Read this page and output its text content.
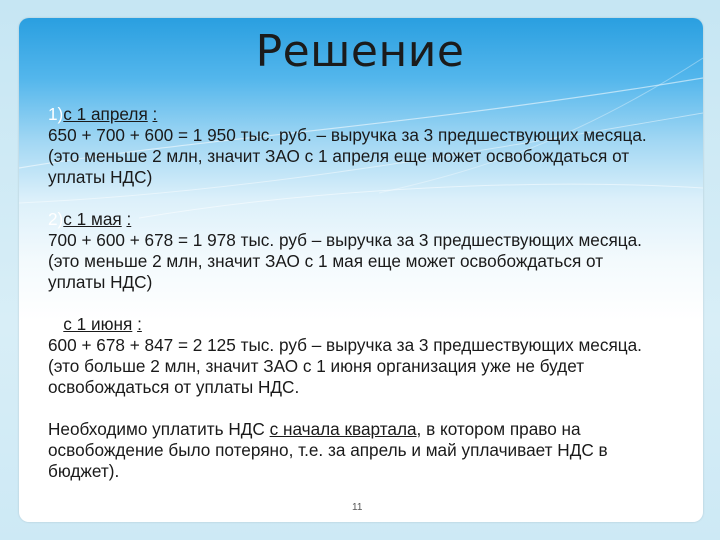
Решение
1)с 1 апреля :
650 + 700 + 600 = 1 950 тыс. руб. – выручка за 3 предшествующих месяца.
(это меньше 2 млн, значит ЗАО с 1 апреля еще может освобождаться от
уплаты НДС)
2)с 1 мая :
700 + 600 + 678 = 1 978 тыс. руб – выручка за 3 предшествующих месяца.
(это меньше 2 млн, значит ЗАО с 1 мая еще может освобождаться от
уплаты НДС)
3)с 1 июня :
600 + 678 + 847 = 2 125 тыс. руб – выручка за 3 предшествующих месяца.
(это больше 2 млн, значит ЗАО с 1 июня организация уже не будет
освобождаться от уплаты НДС.
Необходимо уплатить НДС с начала квартала, в котором право на
освобождение было потеряно, т.е. за апрель и май уплачивает НДС в
бюджет).
11
